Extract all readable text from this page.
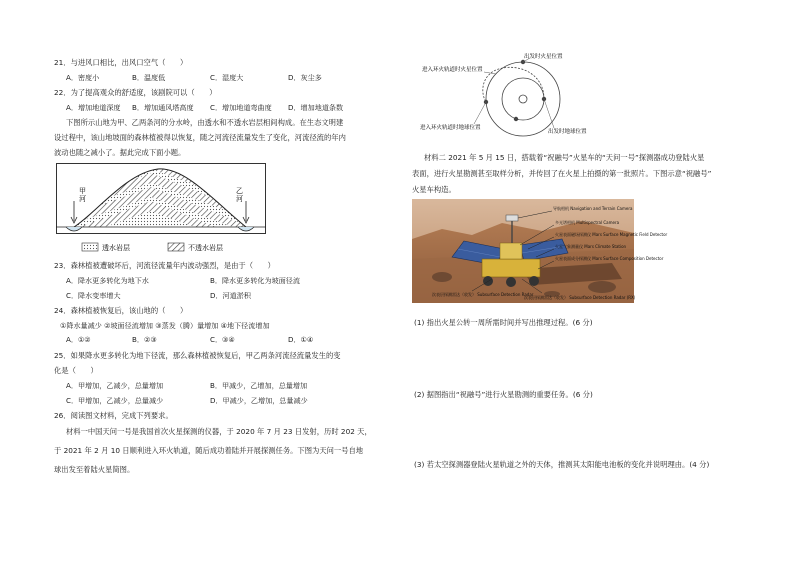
21．与进风口相比，出风口空气（　　）
A．密度小	B．温度低	C．湿度大	D．灰尘多
22．为了提高观众的舒适度，该剧院可以（　　）
A．增加地道深度 B．增加通风塔高度 C．增加地道弯曲度 D．增加地道条数
下图所示山地为甲、乙两条河的分水岭，由透水和不透水岩层相间构成。在生态文明建
设过程中，该山地坡面的森林植被得以恢复，随之河流径流量发生了变化，河流径流的年内
波动也随之减小了。据此完成下面小题。
甲
河
乙
河
透水岩层	不透水岩层
23．森林植被遭破坏后，河流径流量年内波动强烈，是由于（　　）
A．降水更多转化为地下水	B．降水更多转化为坡面径流
C．降水变率增大	D．河道淤积
24．森林植被恢复后，该山地的（　　）
①降水量减少 ②坡面径流增加 ③蒸发（腾）量增加 ④地下径流增加
A．①②	B．②③	C．③④	D．①④
25．如果降水更多转化为地下径流，那么森林植被恢复后，甲乙两条河流径流量发生的变
化是（　　）
A．甲增加，乙减少，总量增加	B．甲减少，乙增加，总量增加
C．甲增加，乙减少，总量减少	D．甲减少，乙增加，总量减少
26．阅读图文材料，完成下列要求。
材料一中国天问一号是我国首次火星探测的仪器，于 2020 年 7 月 23 日发射，历时 202 天，
于 2021 年 2 月 10 日顺利进入环火轨道，随后成功着陆并开展探测任务。下图为天问一号自地
球出发至着陆火星简图。
进入环火轨道时火星位置
出发时火星位置
进入环火轨道时地球位置
出发时地球位置
材料二 2021 年 5 月 15 日，搭载着“祝融号”火星车的“天问一号”探测器成功登陆火星
表面，进行火星勘测甚至取样分析，并传回了在火星上拍摄的第一批照片。下图示意“祝融号”
火星车构造。
导航相机 Navigation and Terrain Camera
多光谱相机 Multispectral Camera
火星表面磁场探测仪 Mars Surface Magnetic Field Detector
火星气象测量仪 Mars Climate Station
火星表面成分探测仪 Mars Surface Composition Detector
次表层探测雷达（收发） Subsurface Detection Radar
次表层探测雷达（收发） Subsurface Detection Radar (RX)
(1) 指出火星公转一周所需时间并写出推理过程。(6 分)
(2) 据图指出“祝融号”进行火星勘测的重要任务。(6 分)
(3) 若太空探测器登陆火星轨道之外的天体，推测其太阳能电池板的变化并说明理由。(4 分)
